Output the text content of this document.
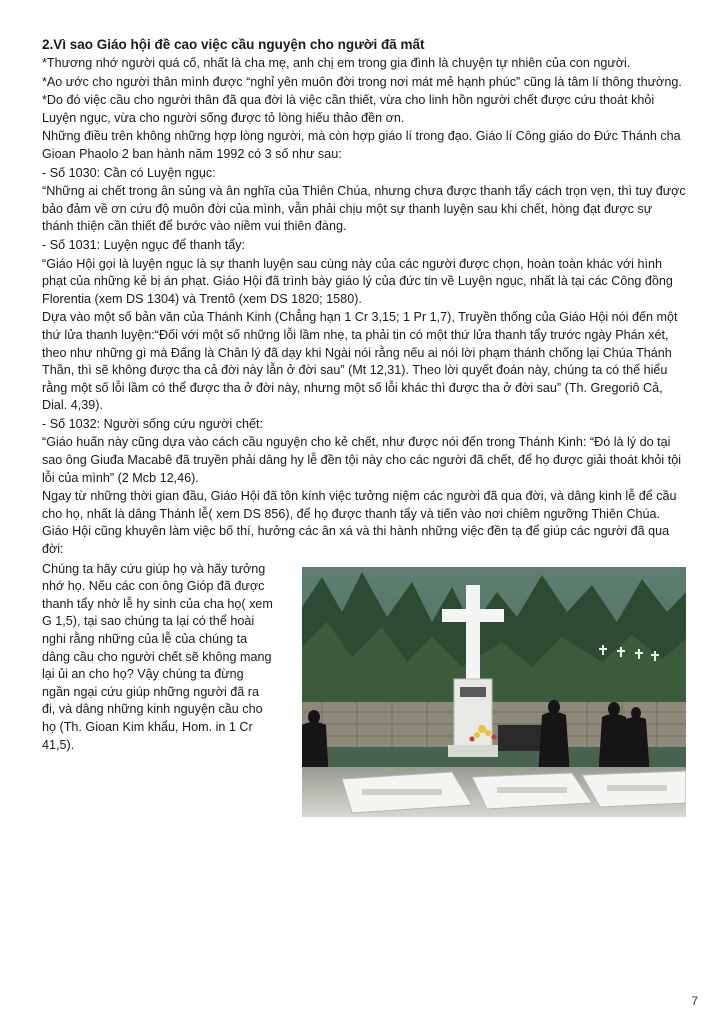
2.Vì sao Giáo hội đề cao việc cầu nguyện cho người đã mất

*Thương nhớ người quá cố, nhất là cha mẹ, anh chị em trong gia đình là chuyện tự nhiên của con người.

*Ao ước cho người thân mình được “nghỉ yên muôn đời trong nơi mát mẻ hạnh phúc” cũng là tâm lí thông thường.

*Do đó việc cầu cho người thân đã qua đời là việc cần thiết, vừa cho linh hồn người chết được cứu thoát khỏi Luyện ngục, vừa cho người sống được tỏ lòng hiếu thảo đền ơn.

Những điều trên không những hợp lòng người, mà còn hợp giáo lí trong đạo. Giáo lí Công giáo do Đức Thánh cha Gioan Phaolo 2 ban hành năm 1992 có 3 số như sau:

- Số 1030: Cần có Luyện ngục:

“Những ai chết trong ân sủng và ân nghĩa của Thiên Chúa, nhưng chưa được thanh tẩy cách trọn vẹn, thì tuy được bảo đảm về ơn cứu độ muôn đời của mình, vẫn phải chịu một sự thanh luyện sau khi chết, hòng đạt được sự thánh thiện cần thiết để bước vào niềm vui thiên đàng.

- Số 1031: Luyện ngục để thanh tẩy:

“Giáo Hội gọi là luyện ngục là sự thanh luyện sau cùng này của các người được chọn, hoàn toàn khác với hình phạt của những kẻ bị án phạt. Giáo Hội đã trình bày giáo lý của đức tin về Luyện ngục, nhất là tại các Công đồng Florentia (xem DS 1304) và Trentô (xem DS 1820; 1580).

Dựa vào một số bản văn của Thánh Kinh (Chẳng hạn 1 Cr 3,15; 1 Pr 1,7), Truyền thống của Giáo Hội nói đến một thứ lửa thanh luyện:“Đối với một số những lỗi lầm nhẹ, ta phải tin có một thứ lửa thanh tẩy trước ngày Phán xét, theo như những gì mà Đấng là Chân lý đã dạy khi Ngài nói rằng nếu ai nói lời phạm thánh chống lại Chúa Thánh Thần, thì sẽ không được tha cả đời này lẫn ở đời sau” (Mt 12,31). Theo lời quyết đoán này, chúng ta có thể hiểu rằng một số lỗi lầm có thể được tha ở đời này, nhưng một số lỗi khác thì được tha ở đời sau” (Th. Gregoriô Cả, Dial. 4,39).

- Số 1032: Người sống cứu người chết:

“Giáo huấn này cũng dựa vào cách cầu nguyện cho kẻ chết, như được nói đến trong Thánh Kinh: “Đó là lý do tại sao ông Giuđa Macabê đã truyền phải dâng hy lễ đền tội này cho các người đã chết, để họ được giải thoát khỏi tội lỗi của mình” (2 Mcb 12,46).

Ngay từ những thời gian đầu, Giáo Hội đã tôn kính việc tưởng niệm các người đã qua đời, và dâng kinh lễ để cầu cho họ, nhất là dâng Thánh lễ( xem DS 856), để họ được thanh tẩy và tiến vào nơi chiêm ngưỡng Thiên Chúa. Giáo Hội cũng khuyên làm việc bố thí, hưởng các ân xá và thi hành những việc đền tạ để giúp các người đã qua đời:

Chúng ta hãy cứu giúp họ và hãy tưởng nhớ họ. Nếu các con ông Gióp đã được thanh tẩy nhờ lễ hy sinh của cha họ( xem G 1,5), tại sao chúng ta lại có thể hoài nghi rằng những của lễ của chúng ta dâng cầu cho người chết sẽ không mang lại ủi an cho họ? Vậy chúng ta đừng ngần ngại cứu giúp những người đã ra đi, và dâng những kinh nguyện cầu cho họ (Th. Gioan Kim khẩu, Hom. in 1 Cr 41,5).
7
